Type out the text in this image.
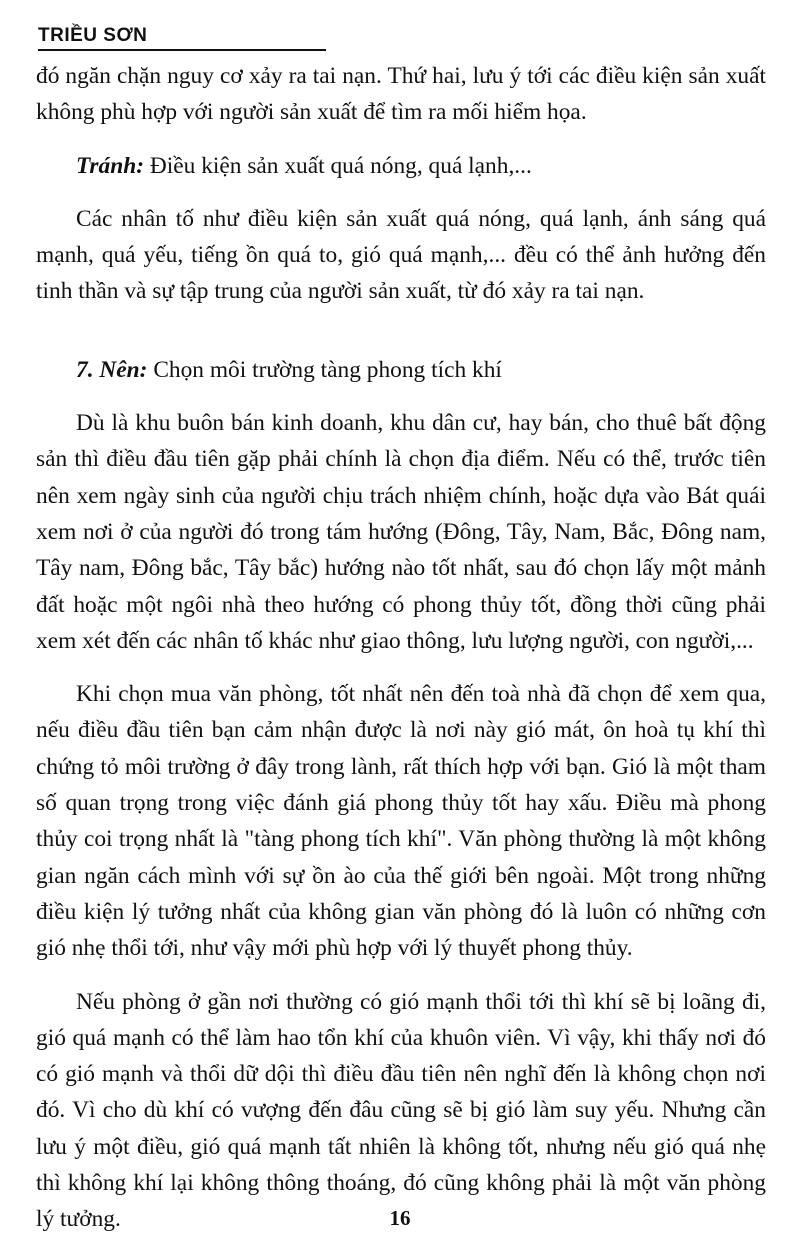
TRIỀU SƠN

đó ngăn chặn nguy cơ xảy ra tai nạn. Thứ hai, lưu ý tới các điều kiện sản xuất không phù hợp với người sản xuất để tìm ra mối hiểm họa.

Tránh: Điều kiện sản xuất quá nóng, quá lạnh,...

Các nhân tố như điều kiện sản xuất quá nóng, quá lạnh, ánh sáng quá mạnh, quá yếu, tiếng ồn quá to, gió quá mạnh,... đều có thể ảnh hưởng đến tinh thần và sự tập trung của người sản xuất, từ đó xảy ra tai nạn.

7. Nên: Chọn môi trường tàng phong tích khí

Dù là khu buôn bán kinh doanh, khu dân cư, hay bán, cho thuê bất động sản thì điều đầu tiên gặp phải chính là chọn địa điểm. Nếu có thể, trước tiên nên xem ngày sinh của người chịu trách nhiệm chính, hoặc dựa vào Bát quái xem nơi ở của người đó trong tám hướng (Đông, Tây, Nam, Bắc, Đông nam, Tây nam, Đông bắc, Tây bắc) hướng nào tốt nhất, sau đó chọn lấy một mảnh đất hoặc một ngôi nhà theo hướng có phong thủy tốt, đồng thời cũng phải xem xét đến các nhân tố khác như giao thông, lưu lượng người, con người,...

Khi chọn mua văn phòng, tốt nhất nên đến toà nhà đã chọn để xem qua, nếu điều đầu tiên bạn cảm nhận được là nơi này gió mát, ôn hoà tụ khí thì chứng tỏ môi trường ở đây trong lành, rất thích hợp với bạn. Gió là một tham số quan trọng trong việc đánh giá phong thủy tốt hay xấu. Điều mà phong thủy coi trọng nhất là "tàng phong tích khí". Văn phòng thường là một không gian ngăn cách mình với sự ồn ào của thế giới bên ngoài. Một trong những điều kiện lý tưởng nhất của không gian văn phòng đó là luôn có những cơn gió nhẹ thổi tới, như vậy mới phù hợp với lý thuyết phong thủy.

Nếu phòng ở gần nơi thường có gió mạnh thổi tới thì khí sẽ bị loãng đi, gió quá mạnh có thể làm hao tổn khí của khuôn viên. Vì vậy, khi thấy nơi đó có gió mạnh và thổi dữ dội thì điều đầu tiên nên nghĩ đến là không chọn nơi đó. Vì cho dù khí có vượng đến đâu cũng sẽ bị gió làm suy yếu. Nhưng cần lưu ý một điều, gió quá mạnh tất nhiên là không tốt, nhưng nếu gió quá nhẹ thì không khí lại không thông thoáng, đó cũng không phải là một văn phòng lý tưởng.	16
